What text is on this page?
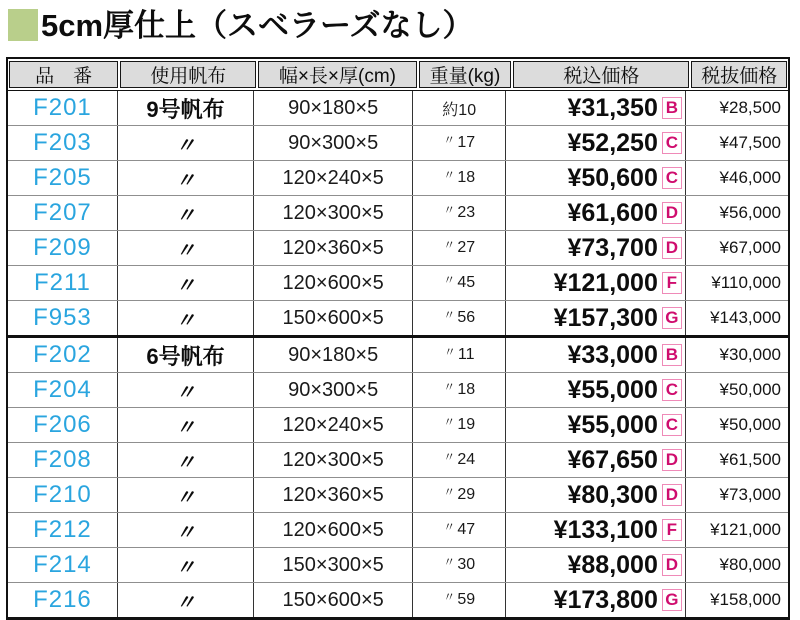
5cm厚仕上（スベラーズなし）
品　番	使用帆布	幅×長×厚(cm)	重量(kg)	税込価格	税抜価格
F201	9号帆布	90×180×5	約10	¥31,350 B	¥28,500
F203	〃	90×300×5	〃 17	¥52,250 C	¥47,500
F205	〃	120×240×5	〃 18	¥50,600 C	¥46,000
F207	〃	120×300×5	〃 23	¥61,600 D	¥56,000
F209	〃	120×360×5	〃 27	¥73,700 D	¥67,000
F211	〃	120×600×5	〃 45	¥121,000 F	¥110,000
F953	〃	150×600×5	〃 56	¥157,300 G	¥143,000
F202	6号帆布	90×180×5	〃 11	¥33,000 B	¥30,000
F204	〃	90×300×5	〃 18	¥55,000 C	¥50,000
F206	〃	120×240×5	〃 19	¥55,000 C	¥50,000
F208	〃	120×300×5	〃 24	¥67,650 D	¥61,500
F210	〃	120×360×5	〃 29	¥80,300 D	¥73,000
F212	〃	120×600×5	〃 47	¥133,100 F	¥121,000
F214	〃	150×300×5	〃 30	¥88,000 D	¥80,000
F216	〃	150×600×5	〃 59	¥173,800 G	¥158,000
